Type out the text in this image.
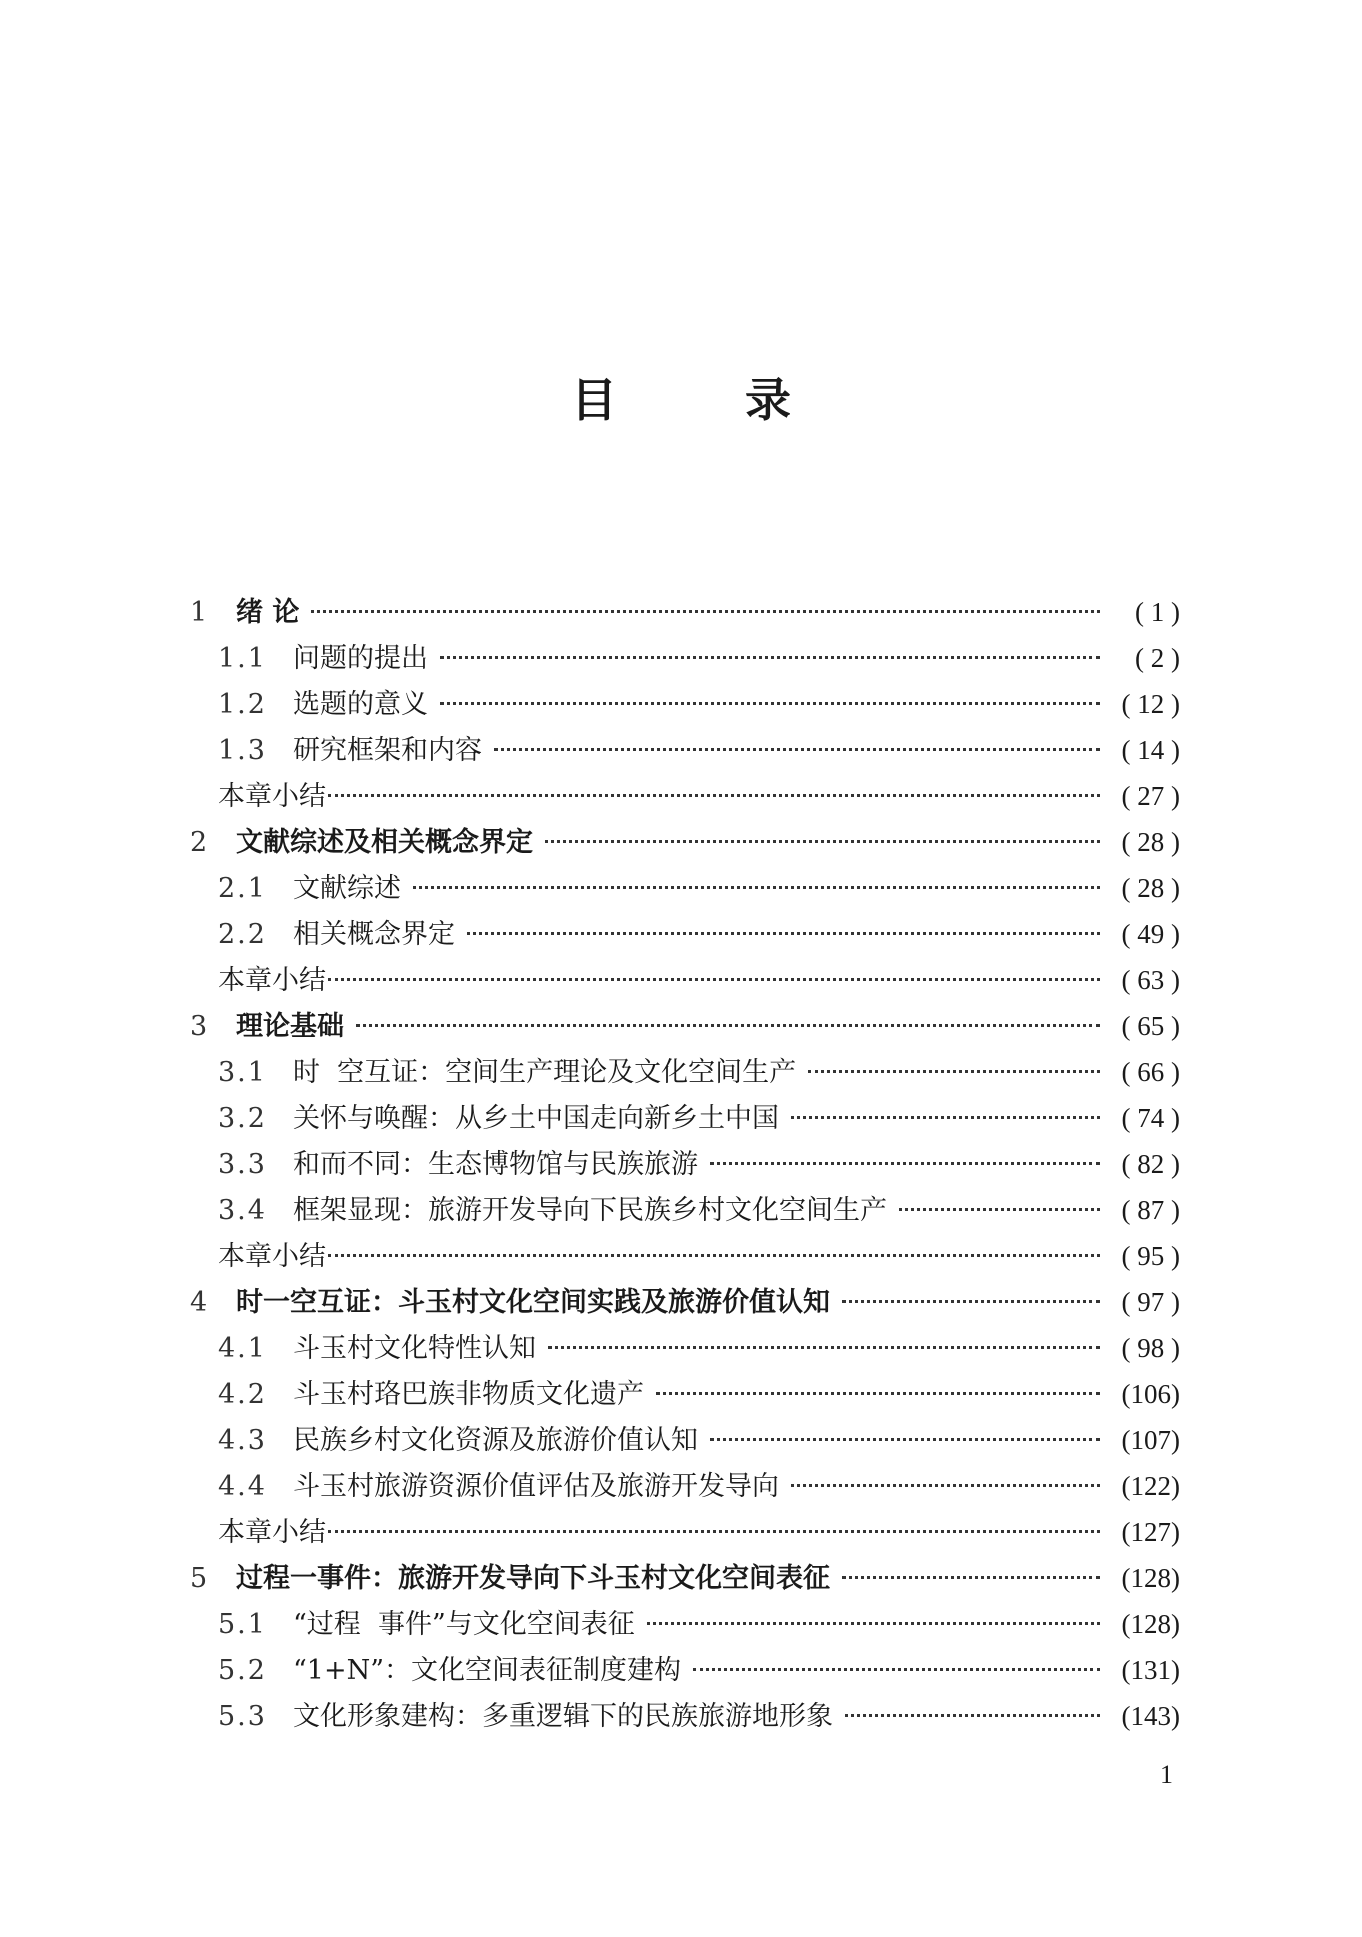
目 录
1	绪 论	( 1 )
1.1 问题的提出	( 2 )
1.2 选题的意义	( 12 )
1.3 研究框架和内容	( 14 )
本章小结	( 27 )
2	文献综述及相关概念界定	( 28 )
2.1 文献综述	( 28 )
2.2 相关概念界定	( 49 )
本章小结	( 63 )
3	理论基础	( 65 )
3.1 时  空互证：空间生产理论及文化空间生产	( 66 )
3.2 关怀与唤醒：从乡土中国走向新乡土中国	( 74 )
3.3 和而不同：生态博物馆与民族旅游	( 82 )
3.4 框架显现：旅游开发导向下民族乡村文化空间生产	( 87 )
本章小结	( 95 )
4	时一空互证：斗玉村文化空间实践及旅游价值认知	( 97 )
4.1 斗玉村文化特性认知	( 98 )
4.2 斗玉村珞巴族非物质文化遗产	(106)
4.3 民族乡村文化资源及旅游价值认知	(107)
4.4 斗玉村旅游资源价值评估及旅游开发导向	(122)
本章小结	(127)
5	过程一事件：旅游开发导向下斗玉村文化空间表征	(128)
5.1 “过程  事件”与文化空间表征	(128)
5.2 “1+N”：文化空间表征制度建构	(131)
5.3 文化形象建构：多重逻辑下的民族旅游地形象	(143)
1
